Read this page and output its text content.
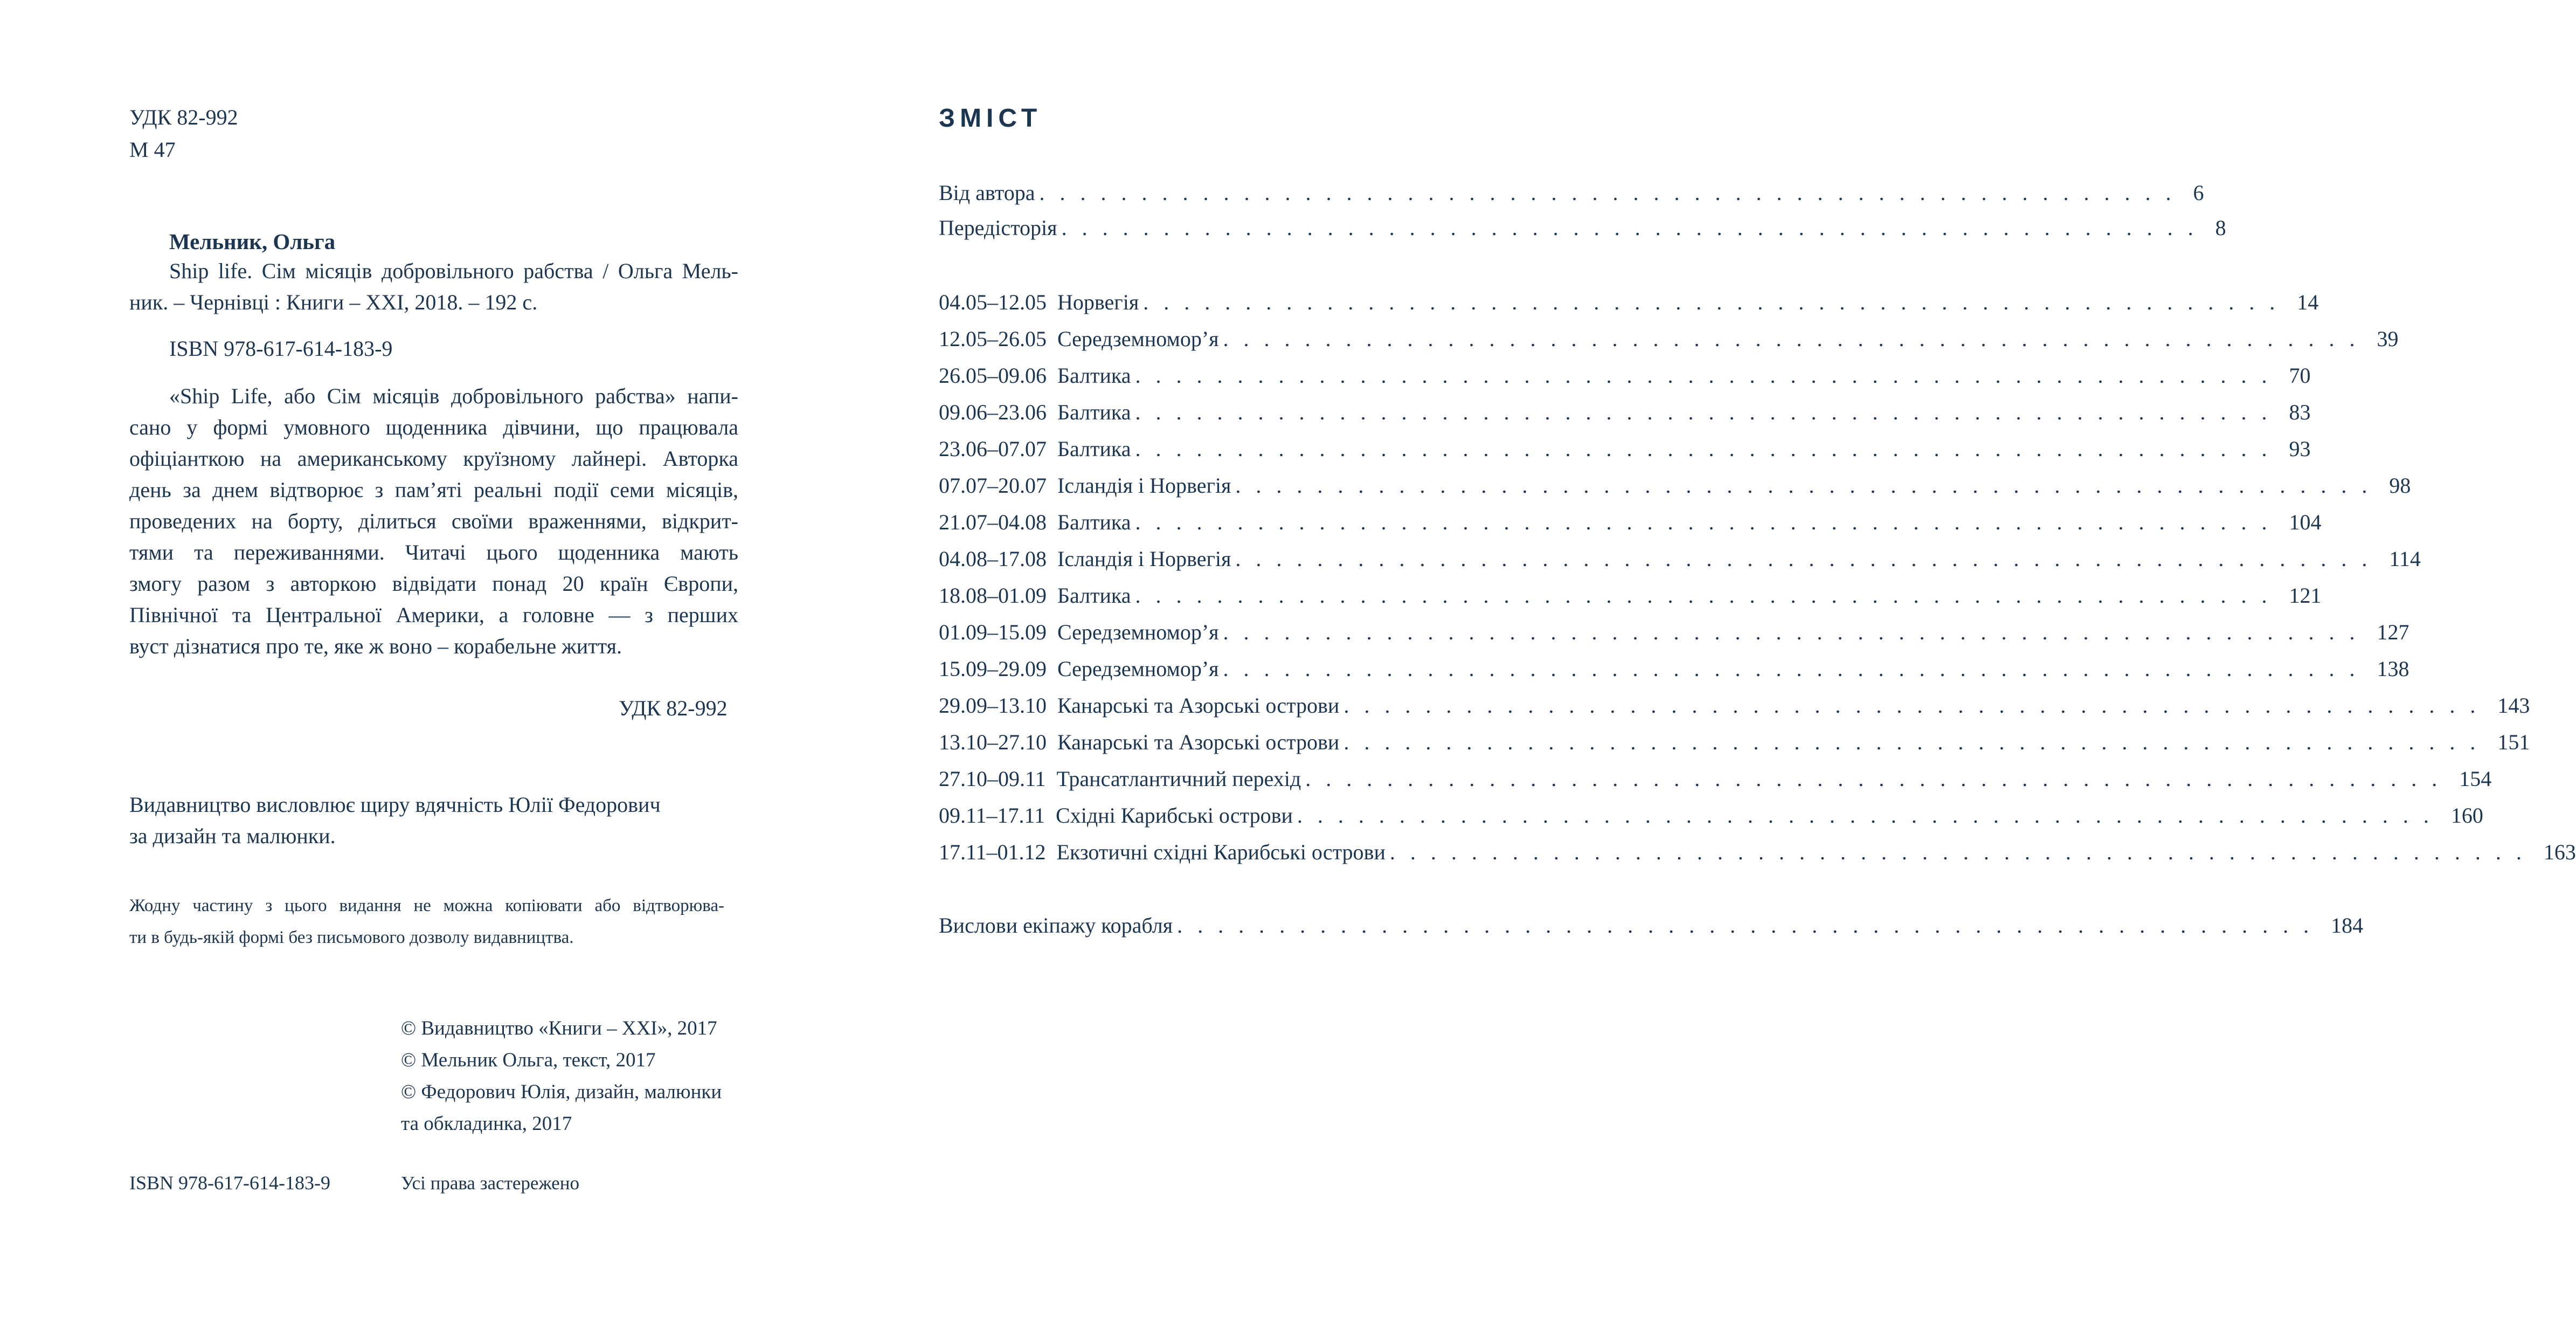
УДК 82-992
М 47
Мельник, Ольга

Ship life. Сім місяців добровільного рабства / Ольга Мель-

ник. – Чернівці : Книги – XXI, 2018. – 192 с.

ISBN 978-617-614-183-9

«Ship Life, або Сім місяців добровільного рабства» напи-
сано у формі умовного щоденника дівчини, що працювала
офіціанткою на американському круїзному лайнері. Авторка
день за днем відтворює з пам’яті реальні події семи місяців,
проведених на борту, ділиться своїми враженнями, відкрит-
тями та переживаннями. Читачі цього щоденника мають
змогу разом з авторкою відвідати понад 20 країн Європи,
Північної та Центральної Америки, а головне — з перших
вуст дізнатися про те, яке ж воно – корабельне життя.

УДК 82-992
Видавництво висловлює щиру вдячність Юлії Федорович
за дизайн та малюнки.
Жодну частину з цього видання не можна копіювати або відтворюва-
ти в будь-якій формі без письмового дозволу видавництва.
© Видавництво «Книги – XXI», 2017
© Мельник Ольга, текст, 2017
© Федорович Юлія, дизайн, малюнки
та обкладинка, 2017
ISBN 978-617-614-183-9	Усі права застережено
ЗМІСТ
Від автора . . . . . . . . . . . . . . . . . . . . . . . . . . . . . . . . . . . . . . . . . . . . . . . . . . . . . . . . 6
Передісторія . . . . . . . . . . . . . . . . . . . . . . . . . . . . . . . . . . . . . . . . . . . . . . . . . . . . . . . . 8
04.05–12.05 Норвегія . . . . . . . . . . . . . . . . . . . . . . . . . . . . . . . . . . . . . . . . . . . . . . . . . . . . . . . . 14
12.05–26.05 Середземномор’я . . . . . . . . . . . . . . . . . . . . . . . . . . . . . . . . . . . . . . . . . . . . . . . . . . . . . . . . 39
26.05–09.06 Балтика . . . . . . . . . . . . . . . . . . . . . . . . . . . . . . . . . . . . . . . . . . . . . . . . . . . . . . . . 70
09.06–23.06 Балтика . . . . . . . . . . . . . . . . . . . . . . . . . . . . . . . . . . . . . . . . . . . . . . . . . . . . . . . . 83
23.06–07.07 Балтика . . . . . . . . . . . . . . . . . . . . . . . . . . . . . . . . . . . . . . . . . . . . . . . . . . . . . . . . 93
07.07–20.07 Ісландія і Норвегія . . . . . . . . . . . . . . . . . . . . . . . . . . . . . . . . . . . . . . . . . . . . . . . . . . . . . . . . 98
21.07–04.08 Балтика . . . . . . . . . . . . . . . . . . . . . . . . . . . . . . . . . . . . . . . . . . . . . . . . . . . . . . . . 104
04.08–17.08 Ісландія і Норвегія . . . . . . . . . . . . . . . . . . . . . . . . . . . . . . . . . . . . . . . . . . . . . . . . . . . . . . . . 114
18.08–01.09 Балтика . . . . . . . . . . . . . . . . . . . . . . . . . . . . . . . . . . . . . . . . . . . . . . . . . . . . . . . . 121
01.09–15.09 Середземномор’я . . . . . . . . . . . . . . . . . . . . . . . . . . . . . . . . . . . . . . . . . . . . . . . . . . . . . . . . 127
15.09–29.09 Середземномор’я . . . . . . . . . . . . . . . . . . . . . . . . . . . . . . . . . . . . . . . . . . . . . . . . . . . . . . . . 138
29.09–13.10 Канарські та Азорські острови . . . . . . . . . . . . . . . . . . . . . . . . . . . . . . . . . . . . . . . . . . . . . . . . . . . . . . . . 143
13.10–27.10 Канарські та Азорські острови . . . . . . . . . . . . . . . . . . . . . . . . . . . . . . . . . . . . . . . . . . . . . . . . . . . . . . . . 151
27.10–09.11 Трансатлантичний перехід . . . . . . . . . . . . . . . . . . . . . . . . . . . . . . . . . . . . . . . . . . . . . . . . . . . . . . . . 154
09.11–17.11 Східні Карибські острови . . . . . . . . . . . . . . . . . . . . . . . . . . . . . . . . . . . . . . . . . . . . . . . . . . . . . . . . 160
17.11–01.12 Екзотичні східні Карибські острови . . . . . . . . . . . . . . . . . . . . . . . . . . . . . . . . . . . . . . . . . . . . . . . . . . . . . . . . 163
Вислови екіпажу корабля . . . . . . . . . . . . . . . . . . . . . . . . . . . . . . . . . . . . . . . . . . . . . . . . . . . . . . . . 184
